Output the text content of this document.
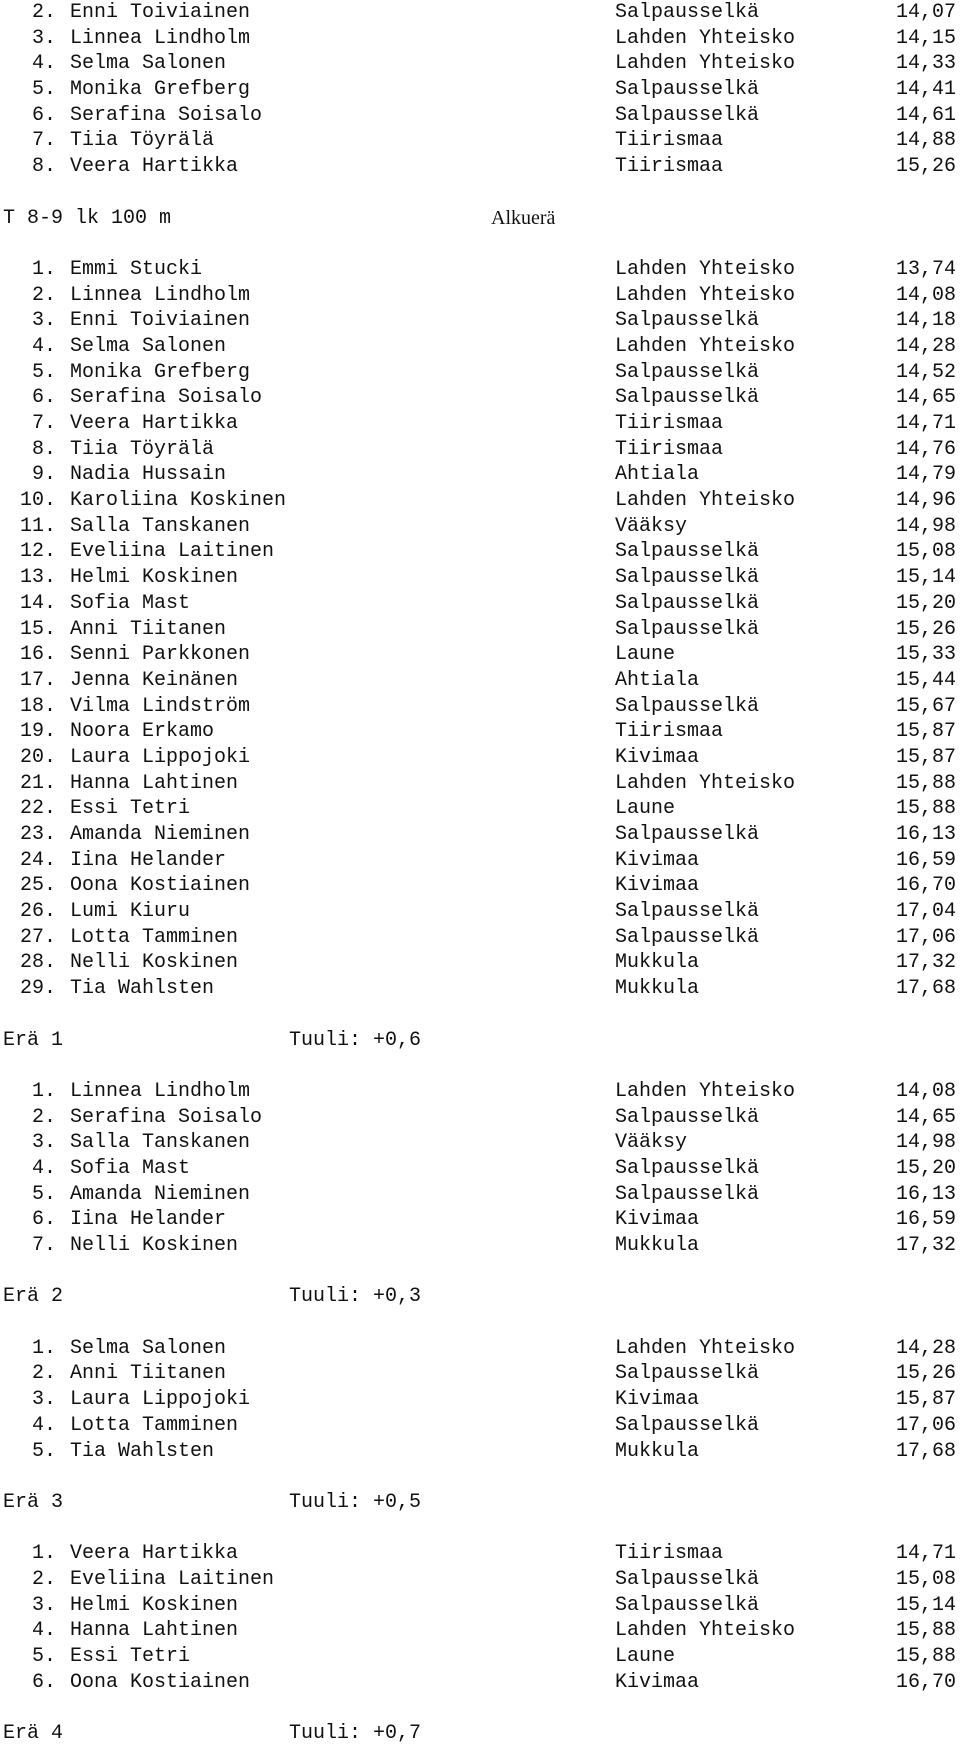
2. Enni Toiviainen	Salpausselkä	14,07
3. Linnea Lindholm	Lahden Yhteisko	14,15
4. Selma Salonen	Lahden Yhteisko	14,33
5. Monika Grefberg	Salpausselkä	14,41
6. Serafina Soisalo	Salpausselkä	14,61
7. Tiia Töyrälä	Tiirismaa	14,88
8. Veera Hartikka	Tiirismaa	15,26
T 8-9 lk 100 m	Alkuerä
1. Emmi Stucki	Lahden Yhteisko	13,74
2. Linnea Lindholm	Lahden Yhteisko	14,08
3. Enni Toiviainen	Salpausselkä	14,18
4. Selma Salonen	Lahden Yhteisko	14,28
5. Monika Grefberg	Salpausselkä	14,52
6. Serafina Soisalo	Salpausselkä	14,65
7. Veera Hartikka	Tiirismaa	14,71
8. Tiia Töyrälä	Tiirismaa	14,76
9. Nadia Hussain	Ahtiala	14,79
10. Karoliina Koskinen	Lahden Yhteisko	14,96
11. Salla Tanskanen	Vääksy	14,98
12. Eveliina Laitinen	Salpausselkä	15,08
13. Helmi Koskinen	Salpausselkä	15,14
14. Sofia Mast	Salpausselkä	15,20
15. Anni Tiitanen	Salpausselkä	15,26
16. Senni Parkkonen	Laune	15,33
17. Jenna Keinänen	Ahtiala	15,44
18. Vilma Lindström	Salpausselkä	15,67
19. Noora Erkamo	Tiirismaa	15,87
20. Laura Lippojoki	Kivimaa	15,87
21. Hanna Lahtinen	Lahden Yhteisko	15,88
22. Essi Tetri	Laune	15,88
23. Amanda Nieminen	Salpausselkä	16,13
24. Iina Helander	Kivimaa	16,59
25. Oona Kostiainen	Kivimaa	16,70
26. Lumi Kiuru	Salpausselkä	17,04
27. Lotta Tamminen	Salpausselkä	17,06
28. Nelli Koskinen	Mukkula	17,32
29. Tia Wahlsten	Mukkula	17,68
Erä 1	Tuuli: +0,6
1. Linnea Lindholm	Lahden Yhteisko	14,08
2. Serafina Soisalo	Salpausselkä	14,65
3. Salla Tanskanen	Vääksy	14,98
4. Sofia Mast	Salpausselkä	15,20
5. Amanda Nieminen	Salpausselkä	16,13
6. Iina Helander	Kivimaa	16,59
7. Nelli Koskinen	Mukkula	17,32
Erä 2	Tuuli: +0,3
1. Selma Salonen	Lahden Yhteisko	14,28
2. Anni Tiitanen	Salpausselkä	15,26
3. Laura Lippojoki	Kivimaa	15,87
4. Lotta Tamminen	Salpausselkä	17,06
5. Tia Wahlsten	Mukkula	17,68
Erä 3	Tuuli: +0,5
1. Veera Hartikka	Tiirismaa	14,71
2. Eveliina Laitinen	Salpausselkä	15,08
3. Helmi Koskinen	Salpausselkä	15,14
4. Hanna Lahtinen	Lahden Yhteisko	15,88
5. Essi Tetri	Laune	15,88
6. Oona Kostiainen	Kivimaa	16,70
Erä 4	Tuuli: +0,7
